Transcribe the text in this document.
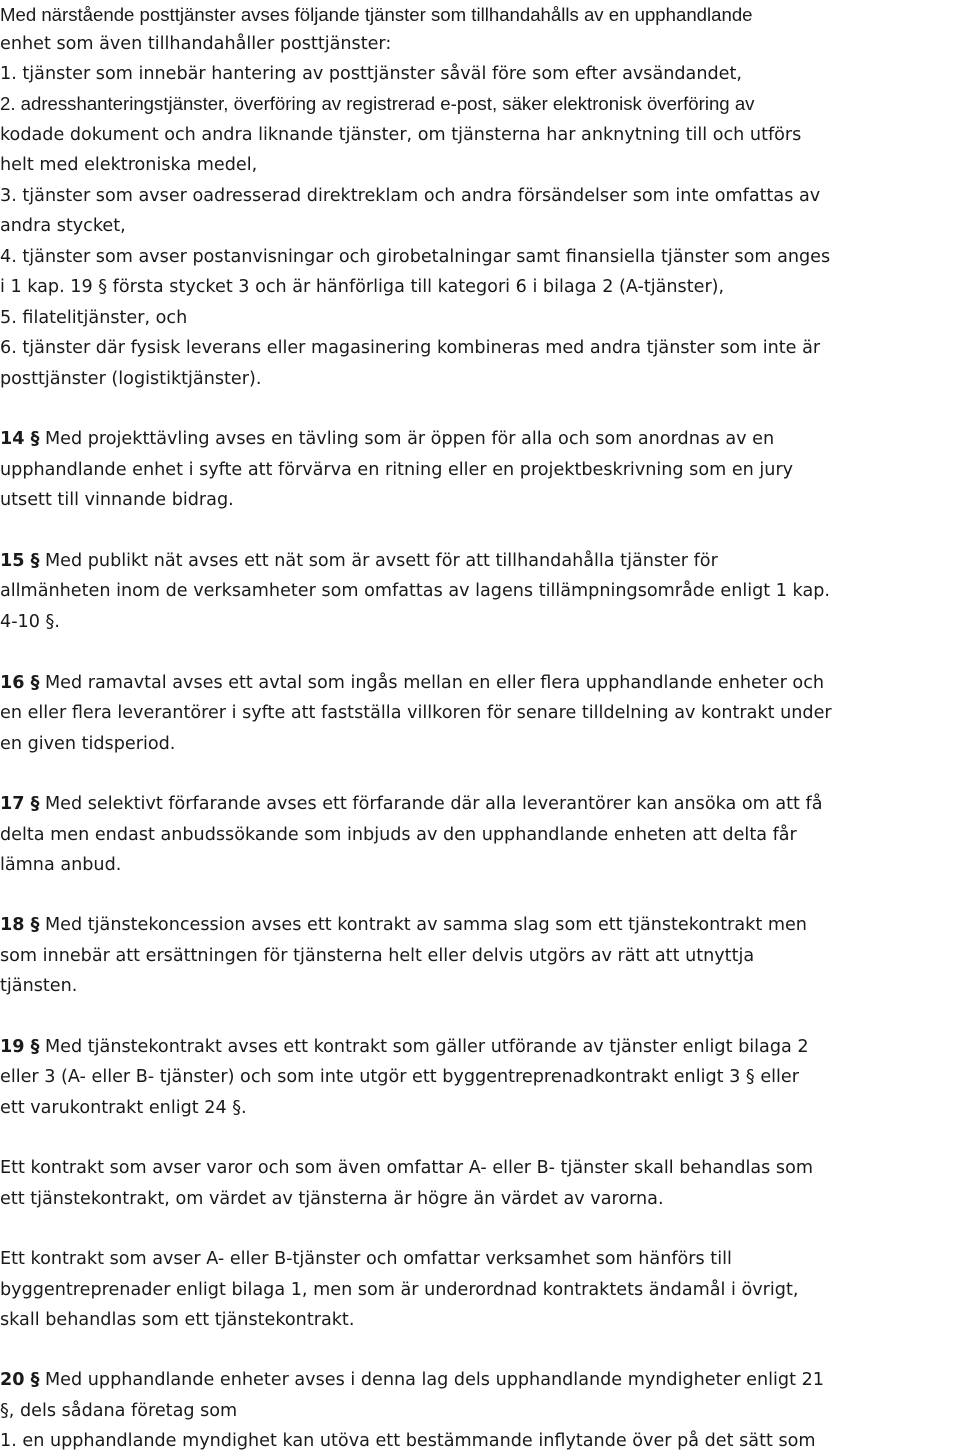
Med närstående posttjänster avses följande tjänster som tillhandahålls av en upphandlande
enhet som även tillhandahåller posttjänster:
1. tjänster som innebär hantering av posttjänster såväl före som efter avsändandet,
2. adresshanteringstjänster, överföring av registrerad e-post, säker elektronisk överföring av
kodade dokument och andra liknande tjänster, om tjänsterna har anknytning till och utförs
helt med elektroniska medel,
3. tjänster som avser oadresserad direktreklam och andra försändelser som inte omfattas av
andra stycket,
4. tjänster som avser postanvisningar och girobetalningar samt finansiella tjänster som anges
i 1 kap. 19 § första stycket 3 och är hänförliga till kategori 6 i bilaga 2 (A-tjänster),
5. filatelitjänster, och
6. tjänster där fysisk leverans eller magasinering kombineras med andra tjänster som inte är
posttjänster (logistiktjänster).
14 § Med projekttävling avses en tävling som är öppen för alla och som anordnas av en
upphandlande enhet i syfte att förvärva en ritning eller en projektbeskrivning som en jury
utsett till vinnande bidrag.
15 § Med publikt nät avses ett nät som är avsett för att tillhandahålla tjänster för
allmänheten inom de verksamheter som omfattas av lagens tillämpningsområde enligt 1 kap.
4-10 §.
16 § Med ramavtal avses ett avtal som ingås mellan en eller flera upphandlande enheter och
en eller flera leverantörer i syfte att fastställa villkoren för senare tilldelning av kontrakt under
en given tidsperiod.
17 § Med selektivt förfarande avses ett förfarande där alla leverantörer kan ansöka om att få
delta men endast anbudssökande som inbjuds av den upphandlande enheten att delta får
lämna anbud.
18 § Med tjänstekoncession avses ett kontrakt av samma slag som ett tjänstekontrakt men
som innebär att ersättningen för tjänsterna helt eller delvis utgörs av rätt att utnyttja
tjänsten.
19 § Med tjänstekontrakt avses ett kontrakt som gäller utförande av tjänster enligt bilaga 2
eller 3 (A- eller B- tjänster) och som inte utgör ett byggentreprenadkontrakt enligt 3 § eller
ett varukontrakt enligt 24 §.
Ett kontrakt som avser varor och som även omfattar A- eller B- tjänster skall behandlas som
ett tjänstekontrakt, om värdet av tjänsterna är högre än värdet av varorna.
Ett kontrakt som avser A- eller B-tjänster och omfattar verksamhet som hänförs till
byggentreprenader enligt bilaga 1, men som är underordnad kontraktets ändamål i övrigt,
skall behandlas som ett tjänstekontrakt.
20 § Med upphandlande enheter avses i denna lag dels upphandlande myndigheter enligt 21
§, dels sådana företag som
1. en upphandlande myndighet kan utöva ett bestämmande inflytande över på det sätt som
